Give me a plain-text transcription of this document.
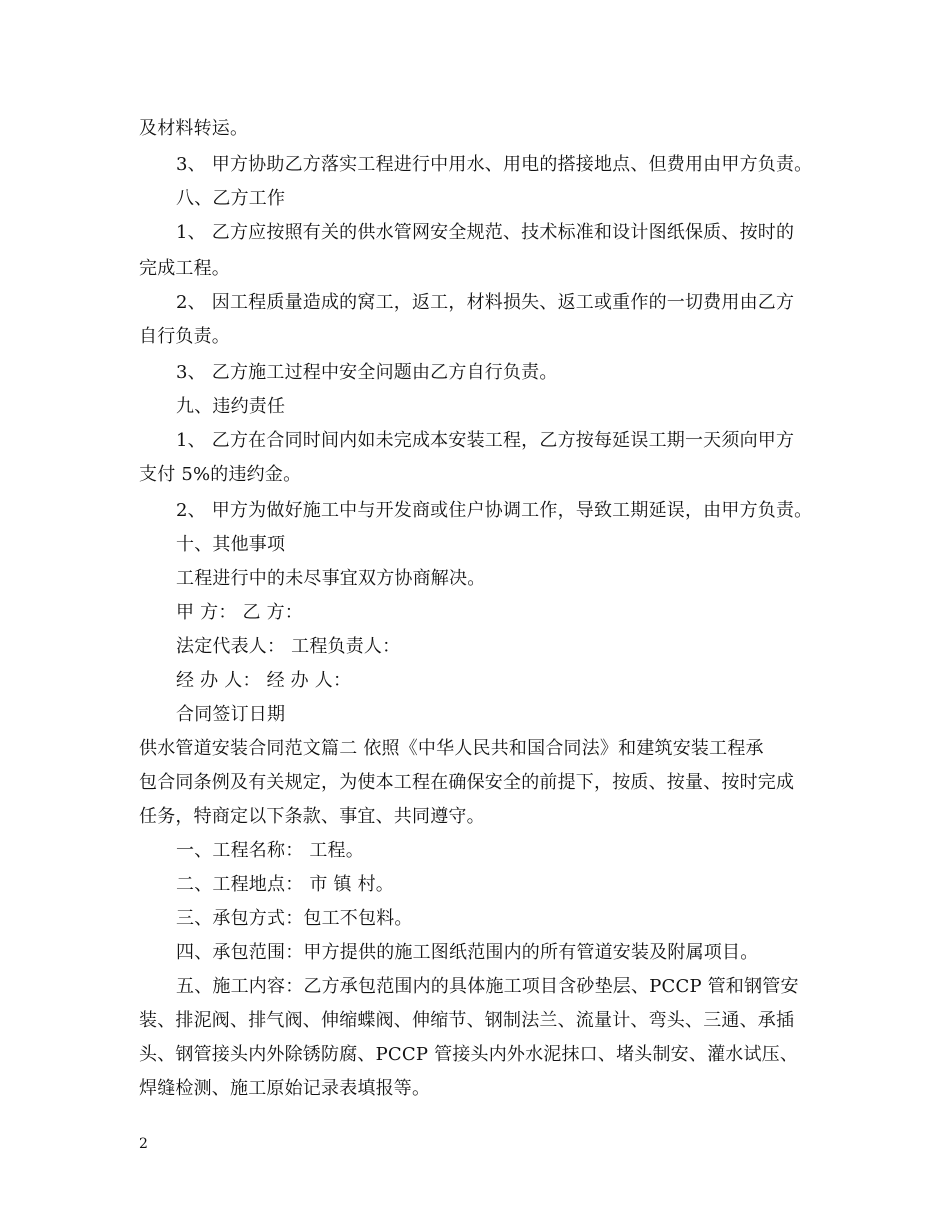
及材料转运。
3、 甲方协助乙方落实工程进行中用水、用电的搭接地点、但费用由甲方负责。
八、乙方工作
1、 乙方应按照有关的供水管网安全规范、技术标准和设计图纸保质、按时的
完成工程。
2、 因工程质量造成的窝工，返工，材料损失、返工或重作的一切费用由乙方
自行负责。
3、 乙方施工过程中安全问题由乙方自行负责。
九、违约责任
1、 乙方在合同时间内如未完成本安装工程，乙方按每延误工期一天须向甲方
支付 5%的违约金。
2、 甲方为做好施工中与开发商或住户协调工作，导致工期延误，由甲方负责。
十、其他事项
工程进行中的未尽事宜双方协商解决。
甲 方： 乙 方：
法定代表人： 工程负责人：
经 办 人： 经 办 人：
合同签订日期
供水管道安装合同范文篇二 依照《中华人民共和国合同法》和建筑安装工程承
包合同条例及有关规定，为使本工程在确保安全的前提下，按质、按量、按时完成
任务，特商定以下条款、事宜、共同遵守。
一、工程名称： 工程。
二、工程地点： 市 镇 村。
三、承包方式：包工不包料。
四、承包范围：甲方提供的施工图纸范围内的所有管道安装及附属项目。
五、施工内容：乙方承包范围内的具体施工项目含砂垫层、PCCP 管和钢管安
装、排泥阀、排气阀、伸缩蝶阀、伸缩节、钢制法兰、流量计、弯头、三通、承插
头、钢管接头内外除锈防腐、PCCP 管接头内外水泥抹口、堵头制安、灌水试压、
焊缝检测、施工原始记录表填报等。
2
